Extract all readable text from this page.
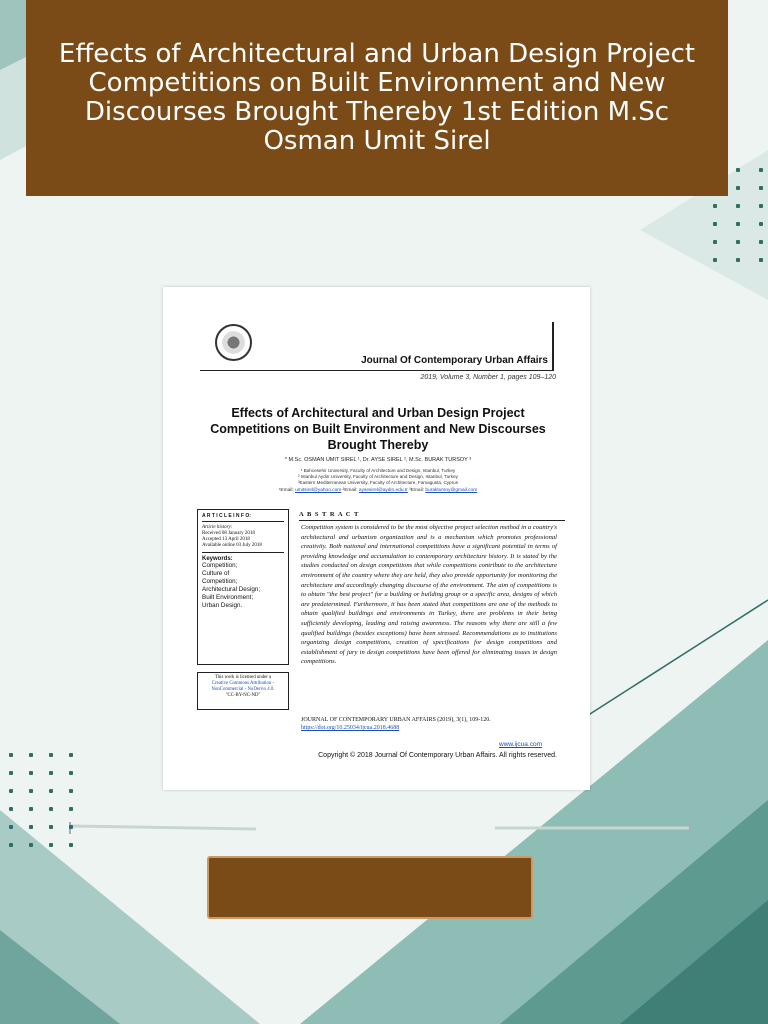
Effects of Architectural and Urban Design Project Competitions on Built Environment and New Discourses Brought Thereby 1st Edition M.Sc Osman Umit Sirel
Journal Of Contemporary Urban Affairs
2019, Volume 3, Number 1, pages 109–120
Effects of Architectural and Urban Design Project Competitions on Built Environment and New Discourses Brought Thereby
* M.Sc. OSMAN UMIT SIREL ¹, Dr. AYSE SIREL ², M.Sc. BURAK TURSOY ³
¹ Bahcesehir University, Faculty of Architecture and Design, Istanbul, Turkey
² Istanbul Aydin University, Faculty of Architecture and Design, Istanbul, Turkey
³Eastern Mediterranean University, Faculty of Architecture, Famagusta, Cyprus
¹Email: umitsirel@yahoo.com ²Email: aysesirel@aydin.edu.tr ³Email: buraktursoy@gmail.com
A R T I C L E I N F O:
Article history:
Received 08 January 2018
Accepted 13 April 2018
Available online 03 July 2018
Keywords:
Competition;
Culture of
Competition;
Architectural Design;
Built Environment;
Urban Design.
This work is licensed under a
Creative Commons Attribution - NonCommercial - NoDerivs 4.0.
"CC-BY-NC-ND"
A B S T R A C T
Competition system is considered to be the most objective project selection method in a country's architectural and urbanism organization and is a mechanism which promotes professional creativity. Both national and international competitions have a significant potential in terms of providing knowledge and accumulation to contemporary architecture history. It is stated by the studies conducted on design competitions that while competitions contribute to the architecture environment of the country where they are held, they also provide opportunity for monitoring the architecture and accordingly changing discourse of the environment. The aim of competitions is to obtain "the best project" for a building or building group or a specific area, designs of which are predetermined. Furthermore, it has been stated that competitions are one of the methods to obtain qualified buildings and environments in Turkey, there are problems in their being sufficiently developing, leading and raising awareness. The reasons why there are still a few qualified buildings (besides exceptions) have been stressed. Recommendations as to institutions organizing design competitions, creation of specifications for design competitions and establishment of jury in design competitions have been offered for eliminating issues in design competitions.
JOURNAL OF CONTEMPORARY URBAN AFFAIRS (2019), 3(1), 109-120.
https://doi.org/10.25034/ijcua.2018.4688
www.ijcua.com
Copyright © 2018 Journal Of Contemporary Urban Affairs. All rights reserved.
